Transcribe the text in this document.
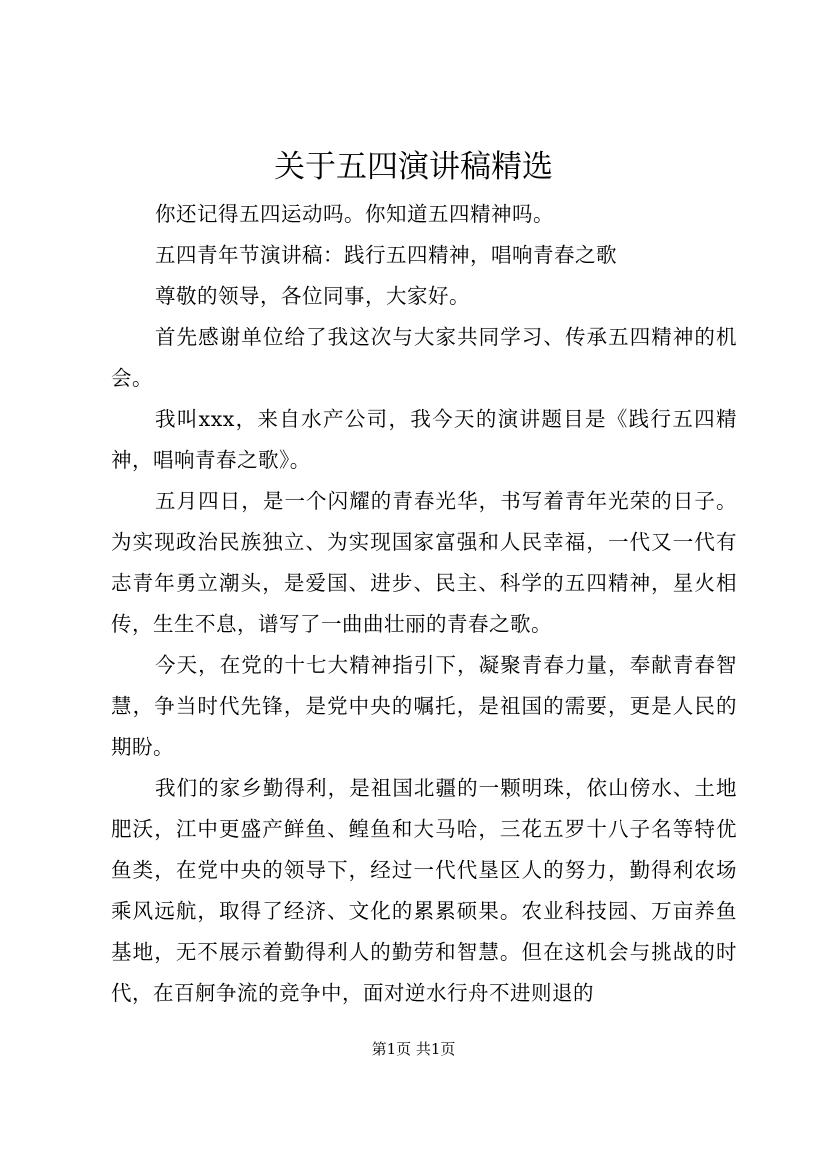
关于五四演讲稿精选

你还记得五四运动吗。你知道五四精神吗。

五四青年节演讲稿：践行五四精神，唱响青春之歌

尊敬的领导，各位同事，大家好。

首先感谢单位给了我这次与大家共同学习、传承五四精神的机会。

我叫xxx，来自水产公司，我今天的演讲题目是《践行五四精神，唱响青春之歌》。

五月四日，是一个闪耀的青春光华，书写着青年光荣的日子。为实现政治民族独立、为实现国家富强和人民幸福，一代又一代有志青年勇立潮头，是爱国、进步、民主、科学的五四精神，星火相传，生生不息，谱写了一曲曲壮丽的青春之歌。

今天，在党的十七大精神指引下，凝聚青春力量，奉献青春智慧，争当时代先锋，是党中央的嘱托，是祖国的需要，更是人民的期盼。

我们的家乡勤得利，是祖国北疆的一颗明珠，依山傍水、土地肥沃，江中更盛产鲜鱼、鳇鱼和大马哈，三花五罗十八子名等特优鱼类，在党中央的领导下，经过一代代垦区人的努力，勤得利农场乘风远航，取得了经济、文化的累累硕果。农业科技园、万亩养鱼基地，无不展示着勤得利人的勤劳和智慧。但在这机会与挑战的时代，在百舸争流的竞争中，面对逆水行舟不进则退的

第1页 共1页
